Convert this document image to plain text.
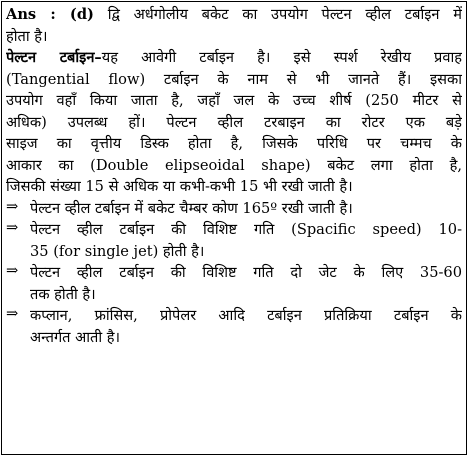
Ans : (d) द्वि अर्धगोलीय बकेट का उपयोग पेल्टन व्हील टर्बाइन में
होता है।
पेल्टन टर्बाइन–यह आवेगी टर्बाइन है। इसे स्पर्श रेखीय प्रवाह
(Tangential flow) टर्बाइन के नाम से भी जानते हैं। इसका
उपयोग वहाँ किया जाता है, जहाँ जल के उच्च शीर्ष (250 मीटर से
अधिक) उपलब्ध हों। पेल्टन व्हील टरबाइन का रोटर एक बड़े
साइज का वृत्तीय डिस्क होता है, जिसके परिधि पर चम्मच के
आकार का (Double elipseoidal shape) बकेट लगा होता है,
जिसकी संख्या 15 से अधिक या कभी-कभी 15 भी रखी जाती है।
⇒ पेल्टन व्हील टर्बाइन में बकेट चैम्बर कोण 165º रखी जाती है।
⇒ पेल्टन व्हील टर्बाइन की विशिष्ट गति (Spacific speed) 10-
35 (for single jet) होती है।
⇒ पेल्टन व्हील टर्बाइन की विशिष्ट गति दो जेट के लिए 35-60
तक होती है।
⇒ कप्लान, फ्रांसिस, प्रोपेलर आदि टर्बाइन प्रतिक्रिया टर्बाइन के
अन्तर्गत आती है।
